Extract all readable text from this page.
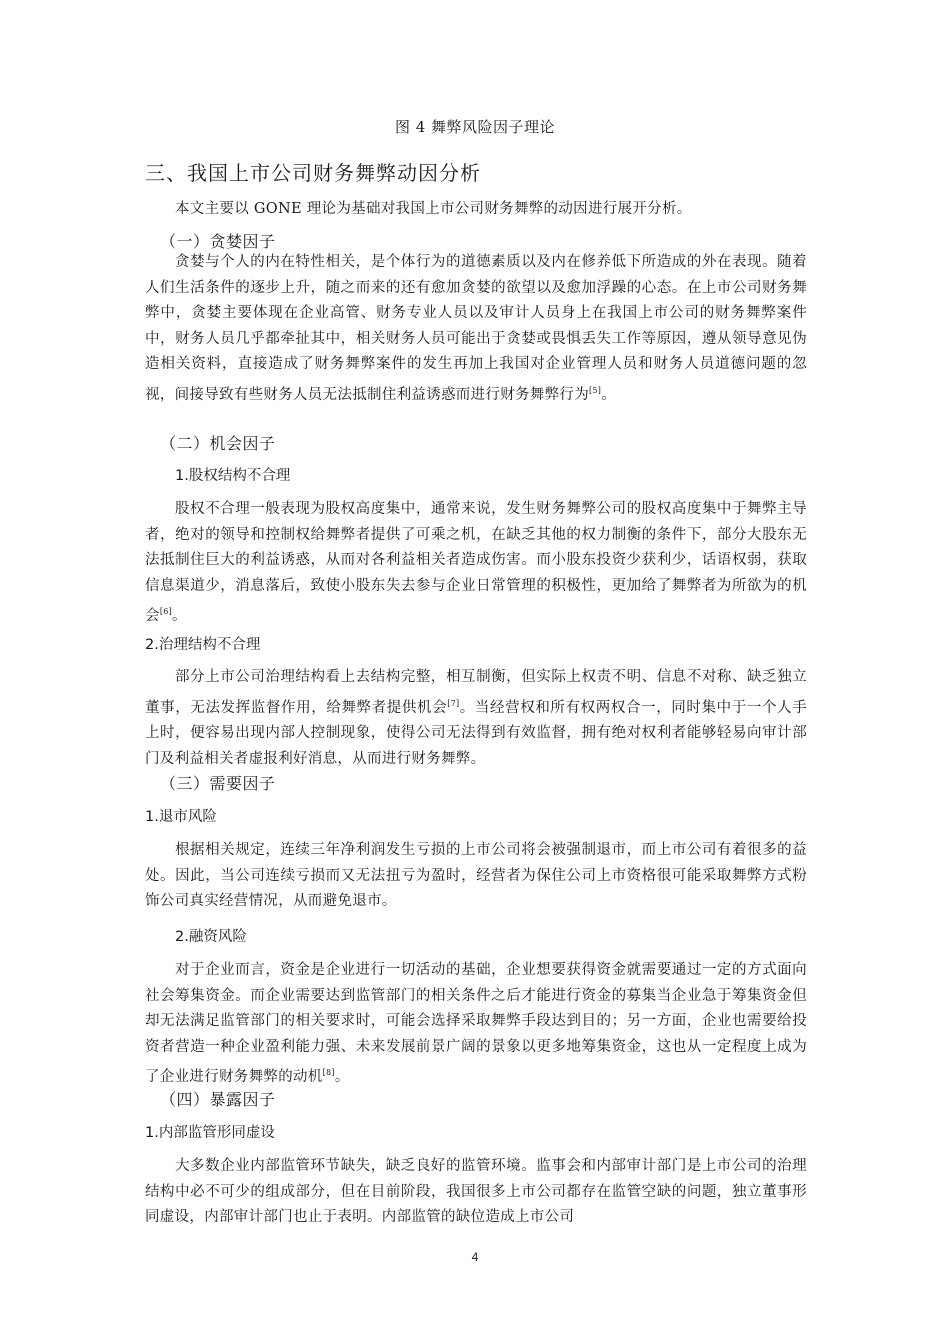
图 4 舞弊风险因子理论
三、我国上市公司财务舞弊动因分析

本文主要以 GONE 理论为基础对我国上市公司财务舞弊的动因进行展开分析。

（一）贪婪因子

贪婪与个人的内在特性相关，是个体行为的道德素质以及内在修养低下所造成的外在表现。随着人们生活条件的逐步上升，随之而来的还有愈加贪婪的欲望以及愈加浮躁的心态。在上市公司财务舞弊中，贪婪主要体现在企业高管、财务专业人员以及审计人员身上在我国上市公司的财务舞弊案件中，财务人员几乎都牵扯其中，相关财务人员可能出于贪婪或畏惧丢失工作等原因，遵从领导意见伪造相关资料，直接造成了财务舞弊案件的发生再加上我国对企业管理人员和财务人员道德问题的忽视，间接导致有些财务人员无法抵制住利益诱惑而进行财务舞弊行为[5]。

（二）机会因子
1.股权结构不合理

股权不合理一般表现为股权高度集中，通常来说，发生财务舞弊公司的股权高度集中于舞弊主导者，绝对的领导和控制权给舞弊者提供了可乘之机，在缺乏其他的权力制衡的条件下，部分大股东无法抵制住巨大的利益诱惑，从而对各利益相关者造成伤害。而小股东投资少获利少，话语权弱，获取信息渠道少，消息落后，致使小股东失去参与企业日常管理的积极性，更加给了舞弊者为所欲为的机会[6]。

2.治理结构不合理

部分上市公司治理结构看上去结构完整，相互制衡，但实际上权责不明、信息不对称、缺乏独立董事，无法发挥监督作用，给舞弊者提供机会[7]。当经营权和所有权两权合一，同时集中于一个人手上时，便容易出现内部人控制现象，使得公司无法得到有效监督，拥有绝对权利者能够轻易向审计部门及利益相关者虚报利好消息，从而进行财务舞弊。

（三）需要因子
1.退市风险

根据相关规定，连续三年净利润发生亏损的上市公司将会被强制退市，而上市公司有着很多的益处。因此，当公司连续亏损而又无法扭亏为盈时，经营者为保住公司上市资格很可能采取舞弊方式粉饰公司真实经营情况，从而避免退市。

2.融资风险

对于企业而言，资金是企业进行一切活动的基础，企业想要获得资金就需要通过一定的方式面向社会筹集资金。而企业需要达到监管部门的相关条件之后才能进行资金的募集当企业急于筹集资金但却无法满足监管部门的相关要求时，可能会选择采取舞弊手段达到目的；另一方面，企业也需要给投资者营造一种企业盈利能力强、未来发展前景广阔的景象以更多地筹集资金，这也从一定程度上成为了企业进行财务舞弊的动机[8]。

（四）暴露因子
1.内部监管形同虚设

大多数企业内部监管环节缺失，缺乏良好的监管环境。监事会和内部审计部门是上市公司的治理结构中必不可少的组成部分，但在目前阶段，我国很多上市公司都存在监管空缺的问题，独立董事形同虚设，内部审计部门也止于表明。内部监管的缺位造成上市公司

4
